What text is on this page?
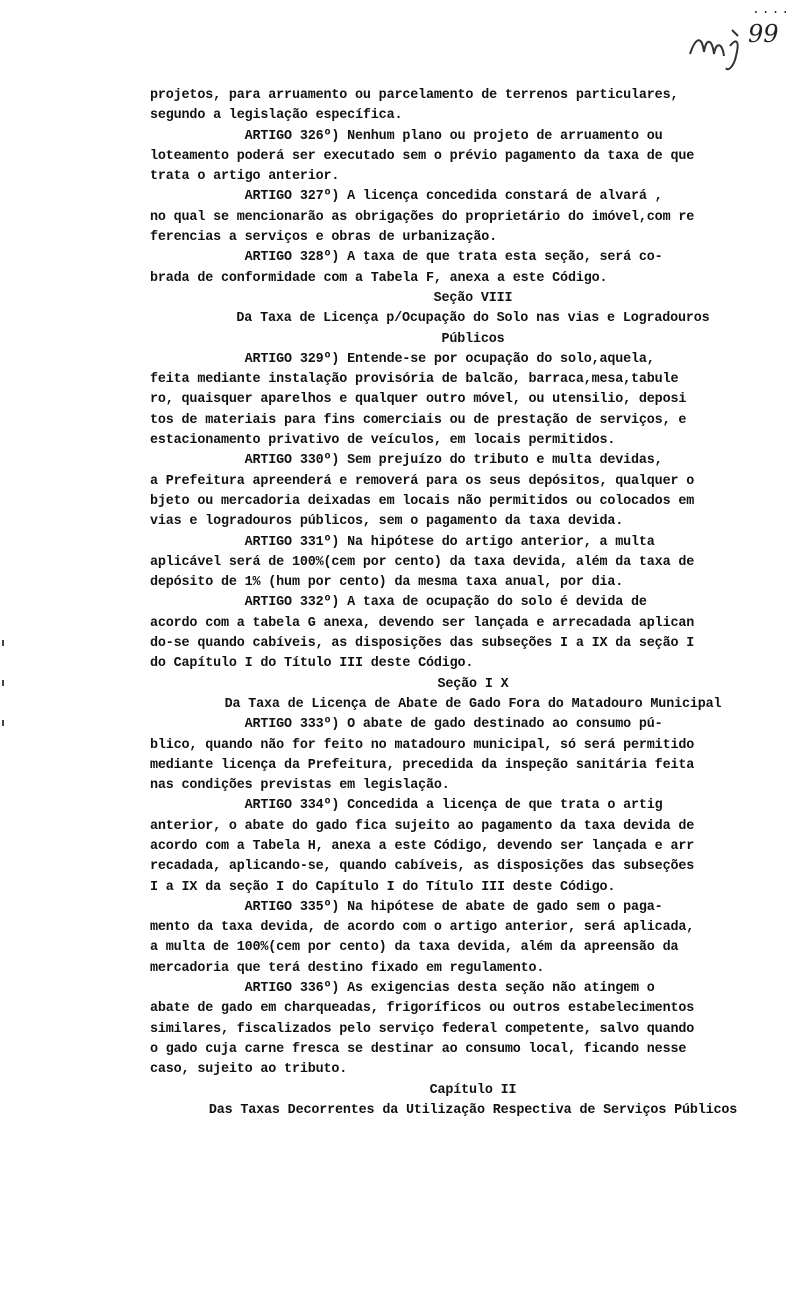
....
99
projetos, para arruamento ou parcelamento de terrenos particulares,
segundo a legislação específica.
ARTIGO 326º) Nenhum plano ou projeto de arruamento ou
loteamento poderá ser executado sem o prévio pagamento da taxa de que
trata o artigo anterior.
ARTIGO 327º) A licença concedida constará de alvará ,
no qual se mencionarão as obrigações do proprietário do imóvel,com re
ferencias a serviços e obras de urbanização.
ARTIGO 328º) A taxa de que trata esta seção, será co-
brada de conformidade com a Tabela F, anexa a este Código.
Seção VIII
Da Taxa de Licença p/Ocupação do Solo nas vias e Logradouros
Públicos
ARTIGO 329º) Entende-se por ocupação do solo,aquela,
feita mediante instalação provisória de balcão, barraca,mesa,tabule
ro, quaisquer aparelhos e qualquer outro móvel, ou utensilio, deposi
tos de materiais para fins comerciais ou de prestação de serviços, e
estacionamento privativo de veículos, em locais permitidos.
ARTIGO 330º) Sem prejuízo do tributo e multa devidas,
a Prefeitura apreenderá e removerá para os seus depósitos, qualquer o
bjeto ou mercadoria deixadas em locais não permitidos ou colocados em
vias e logradouros públicos, sem o pagamento da taxa devida.
ARTIGO 331º) Na hipótese do artigo anterior, a multa
aplicável será de 100%(cem por cento) da taxa devida, além da taxa de
depósito de 1% (hum por cento) da mesma taxa anual, por dia.
ARTIGO 332º) A taxa de ocupação do solo é devida de
acordo com a tabela G anexa, devendo ser lançada e arrecadada aplican
do-se quando cabíveis, as disposições das subseções I a IX da seção I
do Capítulo I do Título III deste Código.
Seção I X
Da Taxa de Licença de Abate de Gado Fora do Matadouro Municipal
ARTIGO 333º) O abate de gado destinado ao consumo pú-
blico, quando não for feito no matadouro municipal, só será permitido
mediante licença da Prefeitura, precedida da inspeção sanitária feita
nas condições previstas em legislação.
ARTIGO 334º) Concedida a licença de que trata o artig
anterior, o abate do gado fica sujeito ao pagamento da taxa devida de
acordo com a Tabela H, anexa a este Código, devendo ser lançada e arr
recadada, aplicando-se, quando cabíveis, as disposições das subseções
I a IX da seção I do Capítulo I do Título III deste Código.
ARTIGO 335º) Na hipótese de abate de gado sem o paga-
mento da taxa devida, de acordo com o artigo anterior, será aplicada,
a multa de 100%(cem por cento) da taxa devida, além da apreensão da
mercadoria que terá destino fixado em regulamento.
ARTIGO 336º) As exigencias desta seção não atingem o
abate de gado em charqueadas, frigoríficos ou outros estabelecimentos
similares, fiscalizados pelo serviço federal competente, salvo quando
o gado cuja carne fresca se destinar ao consumo local, ficando nesse
caso, sujeito ao tributo.
Capítulo II
Das Taxas Decorrentes da Utilização Respectiva de Serviços Públicos
